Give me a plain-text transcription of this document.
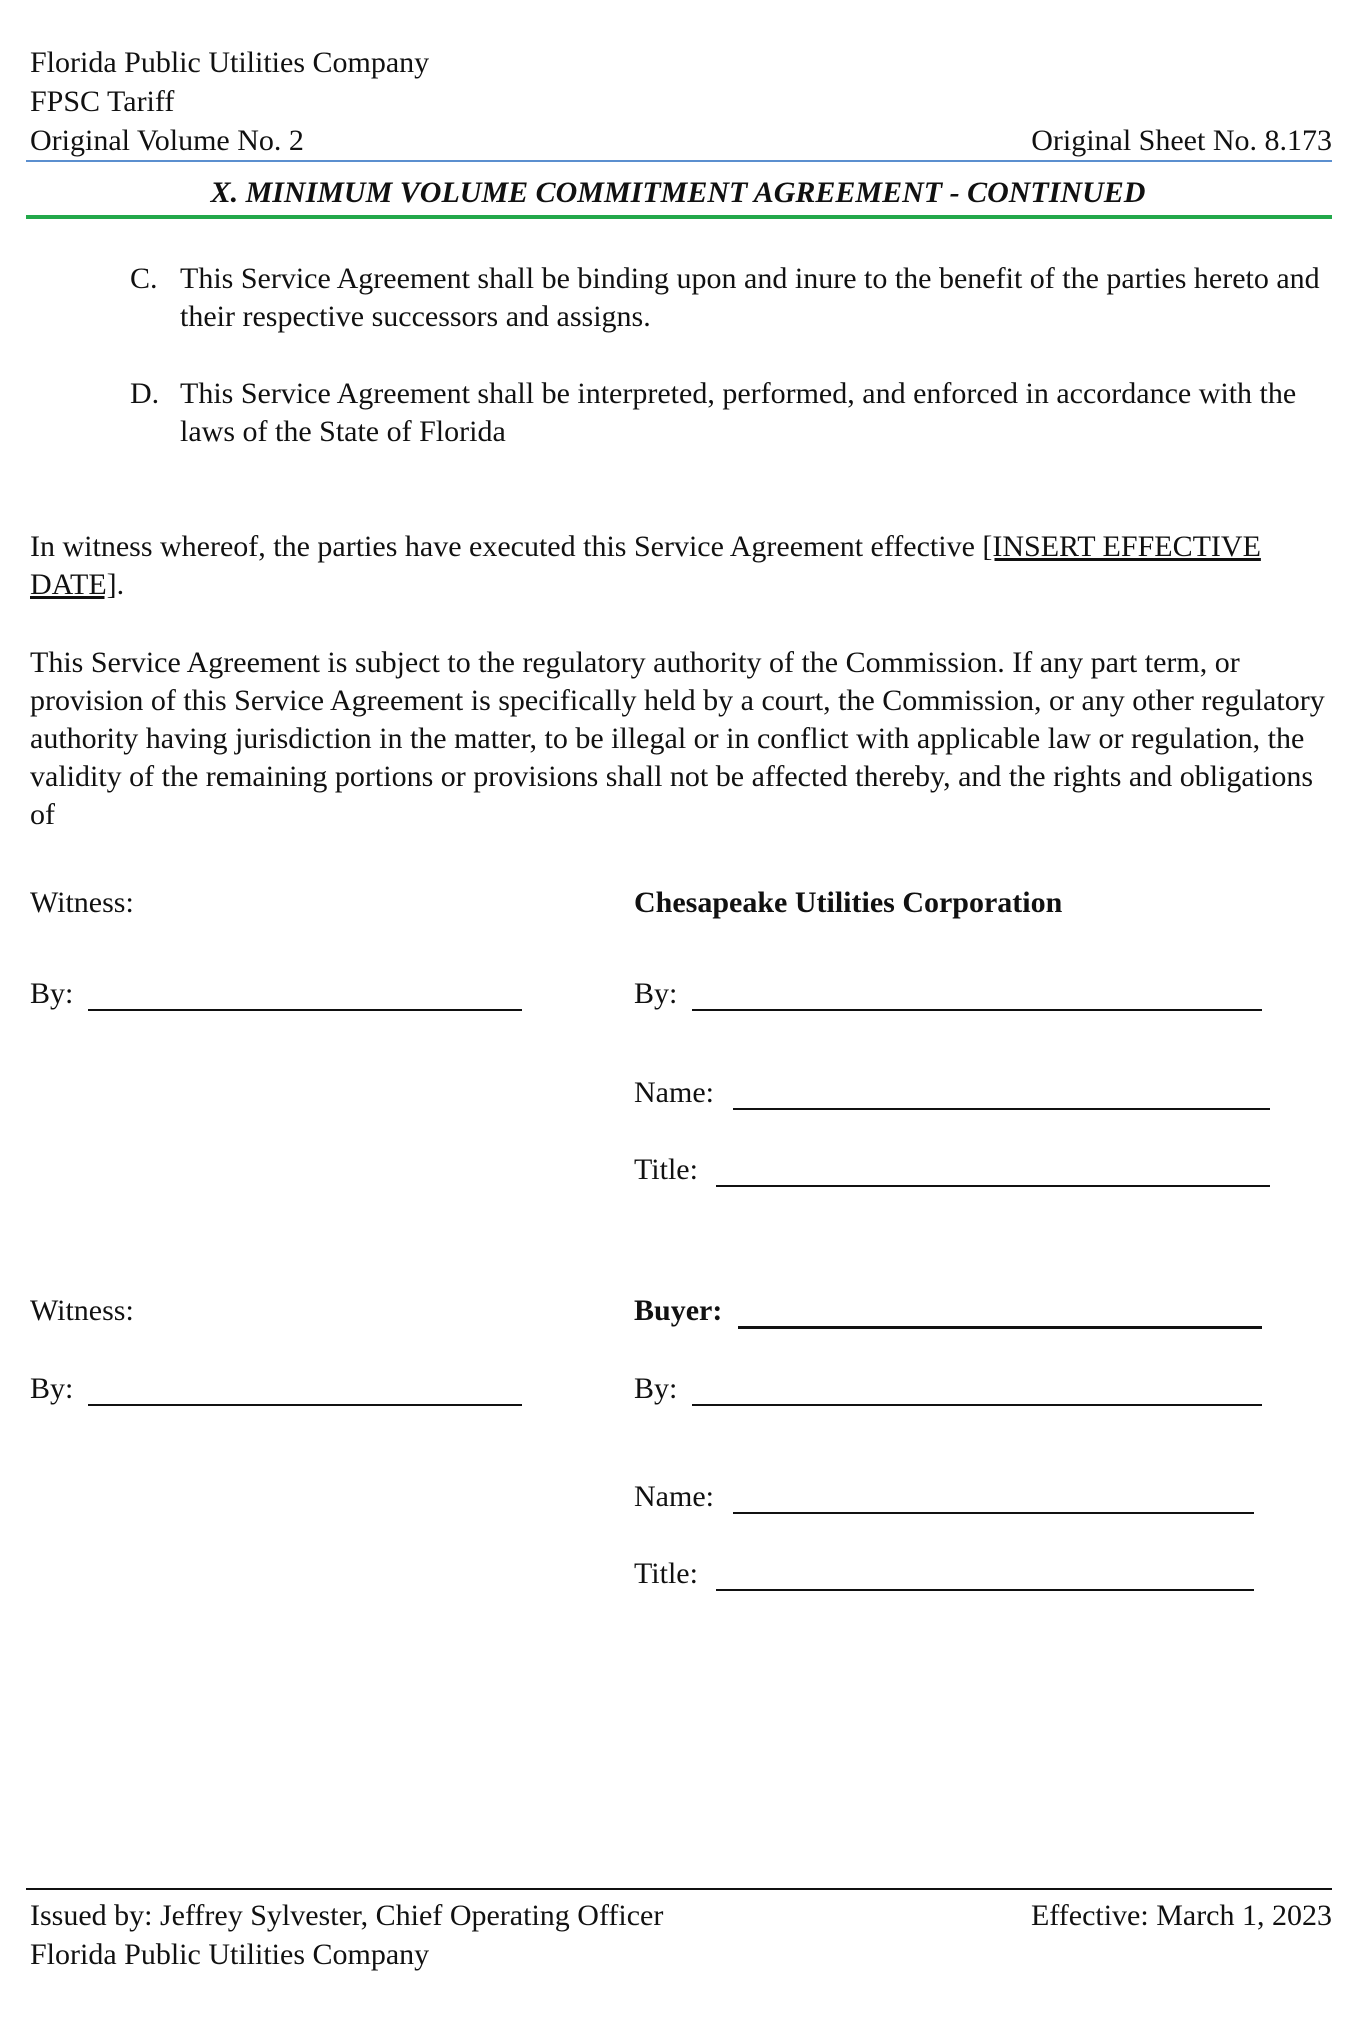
Florida Public Utilities Company
FPSC Tariff
Original Volume No. 2	Original Sheet No. 8.173
X. MINIMUM VOLUME COMMITMENT AGREEMENT - CONTINUED
C. This Service Agreement shall be binding upon and inure to the benefit of the parties hereto and their respective successors and assigns.
D. This Service Agreement shall be interpreted, performed, and enforced in accordance with the laws of the State of Florida
In witness whereof, the parties have executed this Service Agreement effective [INSERT EFFECTIVE DATE].
This Service Agreement is subject to the regulatory authority of the Commission. If any part term, or provision of this Service Agreement is specifically held by a court, the Commission, or any other regulatory authority having jurisdiction in the matter, to be illegal or in conflict with applicable law or regulation, the validity of the remaining portions or provisions shall not be affected thereby, and the rights and obligations of
Witness:	Chesapeake Utilities Corporation
By:	By:
Name:
Title:
Witness:	Buyer:
By:	By:
Name:
Title:
Issued by: Jeffrey Sylvester, Chief Operating Officer	Effective: March 1, 2023
Florida Public Utilities Company
